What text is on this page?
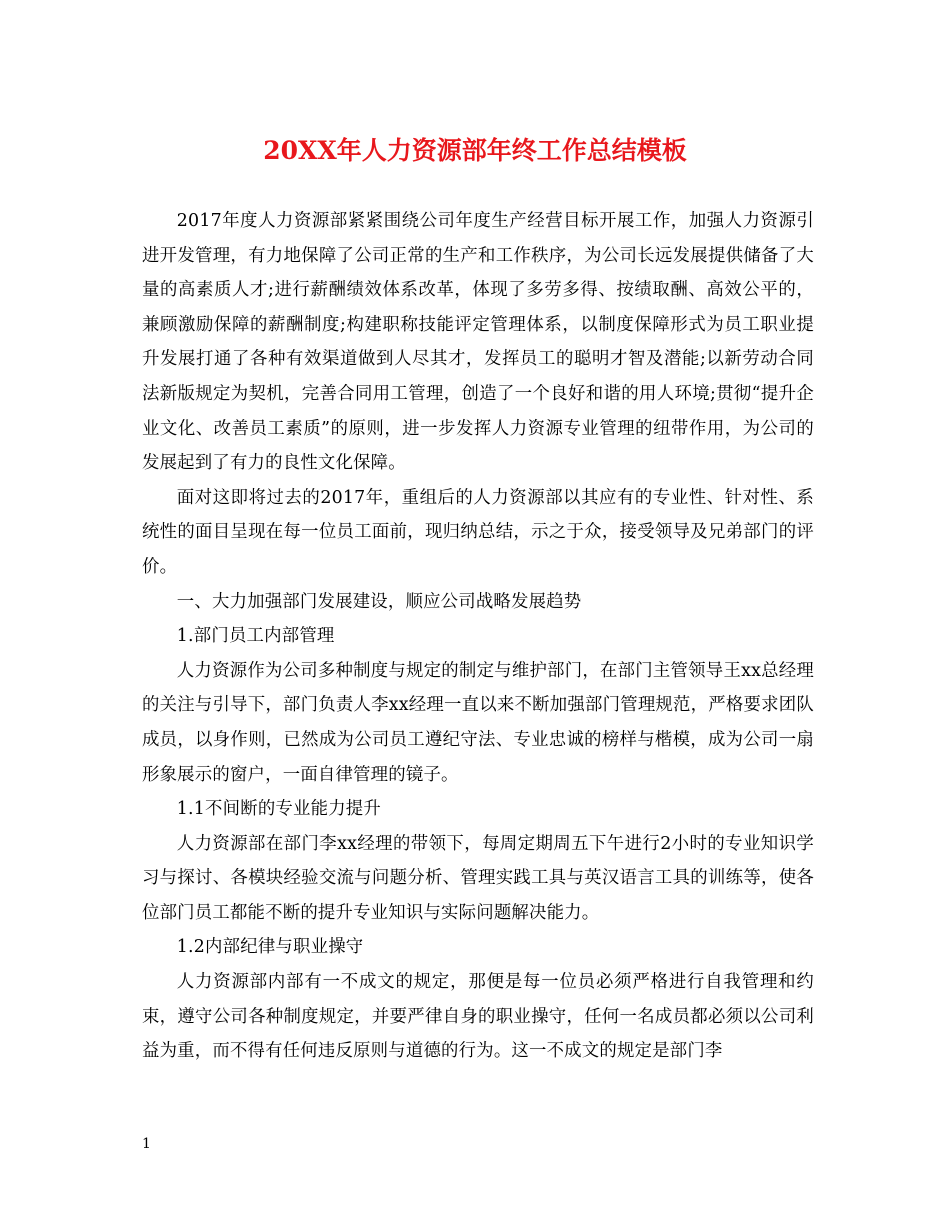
20XX年人力资源部年终工作总结模板

2017年度人力资源部紧紧围绕公司年度生产经营目标开展工作，加强人力资源引进开发管理，有力地保障了公司正常的生产和工作秩序，为公司长远发展提供储备了大量的高素质人才;进行薪酬绩效体系改革，体现了多劳多得、按绩取酬、高效公平的，兼顾激励保障的薪酬制度;构建职称技能评定管理体系，以制度保障形式为员工职业提升发展打通了各种有效渠道做到人尽其才，发挥员工的聪明才智及潜能;以新劳动合同法新版规定为契机，完善合同用工管理，创造了一个良好和谐的用人环境;贯彻“提升企业文化、改善员工素质”的原则，进一步发挥人力资源专业管理的纽带作用，为公司的发展起到了有力的良性文化保障。

面对这即将过去的2017年，重组后的人力资源部以其应有的专业性、针对性、系统性的面目呈现在每一位员工面前，现归纳总结，示之于众，接受领导及兄弟部门的评价。

一、大力加强部门发展建设，顺应公司战略发展趋势

1.部门员工内部管理

人力资源作为公司多种制度与规定的制定与维护部门，在部门主管领导王xx总经理的关注与引导下，部门负责人李xx经理一直以来不断加强部门管理规范，严格要求团队成员，以身作则，已然成为公司员工遵纪守法、专业忠诚的榜样与楷模，成为公司一扇形象展示的窗户，一面自律管理的镜子。

1.1不间断的专业能力提升

人力资源部在部门李xx经理的带领下，每周定期周五下午进行2小时的专业知识学习与探讨、各模块经验交流与问题分析、管理实践工具与英汉语言工具的训练等，使各位部门员工都能不断的提升专业知识与实际问题解决能力。

1.2内部纪律与职业操守

人力资源部内部有一不成文的规定，那便是每一位员必须严格进行自我管理和约束，遵守公司各种制度规定，并要严律自身的职业操守，任何一名成员都必须以公司利益为重，而不得有任何违反原则与道德的行为。这一不成文的规定是部门李

1
